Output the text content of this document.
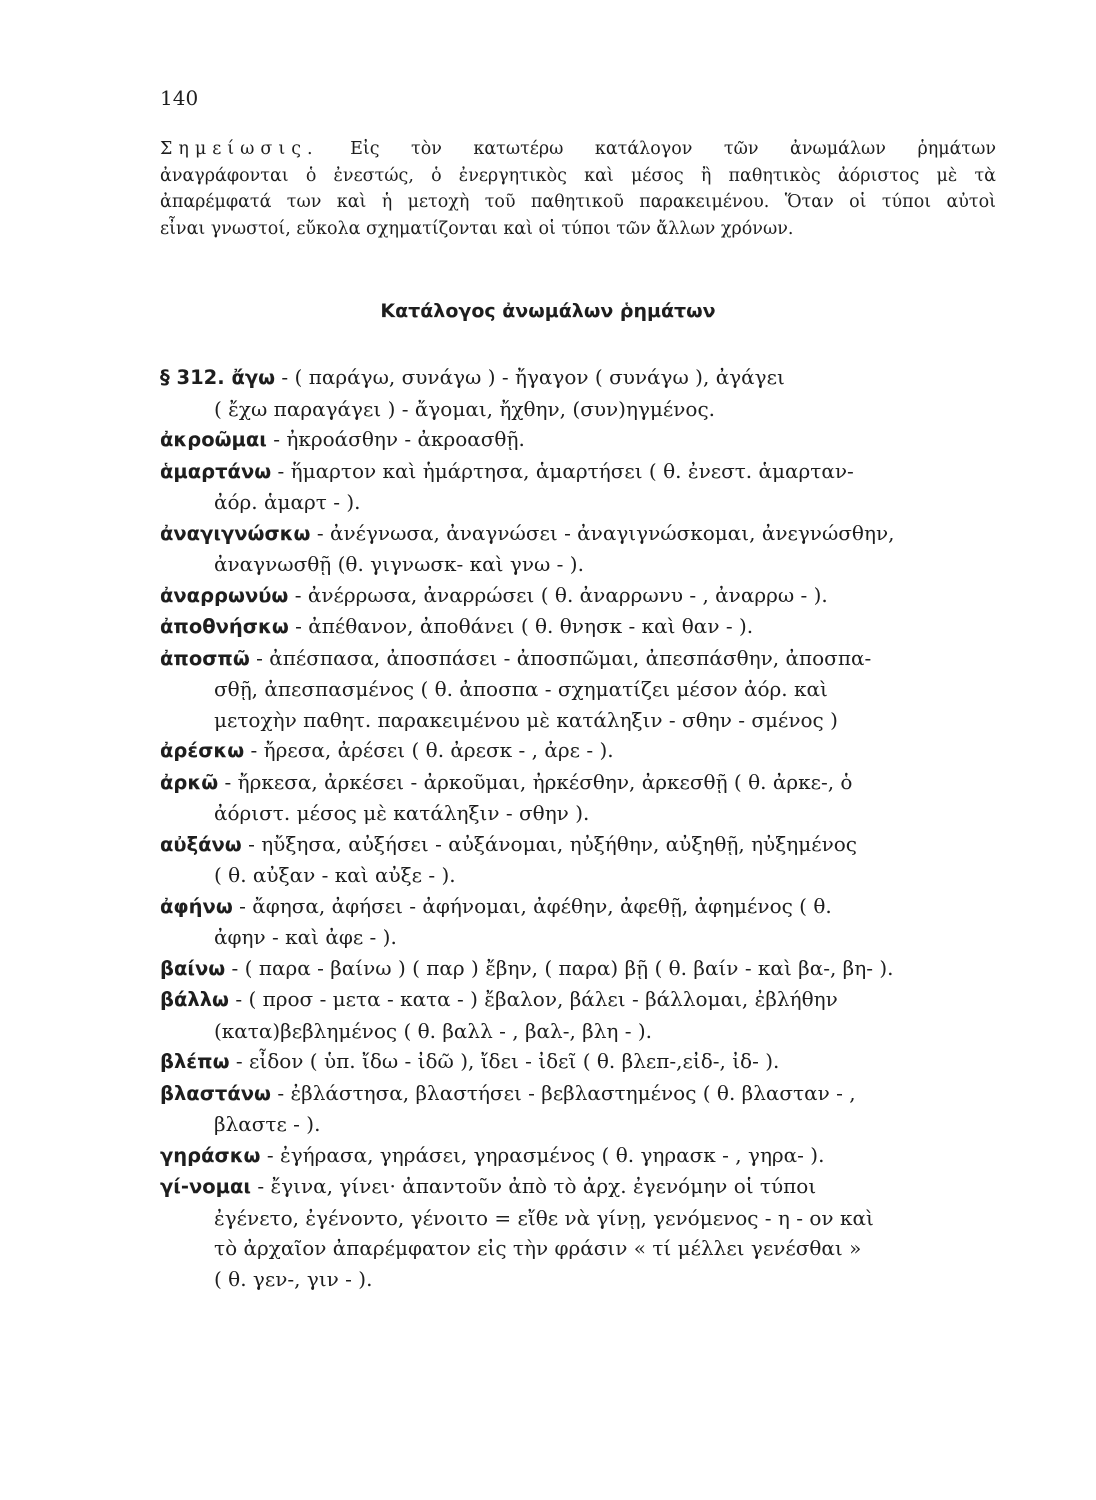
140
Σημείωσις. Εἰς τὸν κατωτέρω κατάλογον τῶν ἀνωμάλων ῥημάτων
ἀναγράφονται ὁ ἐνεστώς, ὁ ἐνεργητικὸς καὶ μέσος ἢ παθητικὸς ἀόριστος μὲ τὰ
ἀπαρέμφατά των καὶ ἡ μετοχὴ τοῦ παθητικοῦ παρακειμένου. Ὅταν οἱ τύποι αὐτοὶ
εἶναι γνωστοί, εὔκολα σχηματίζονται καὶ οἱ τύποι τῶν ἄλλων χρόνων.
Κατάλογος ἀνωμάλων ῥημάτων
§ 312. ἄγω - ( παράγω, συνάγω ) - ἤγαγον ( συνάγω ), ἀγάγει
( ἔχω παραγάγει ) - ἄγομαι, ἤχθην, (συν)ηγμένος.
ἀκροῶμαι - ἠκροάσθην - ἀκροασθῇ.
ἁμαρτάνω - ἥμαρτον καὶ ἡμάρτησα, ἁμαρτήσει ( θ. ἐνεστ. ἁμαρταν-
ἀόρ. ἁμαρτ - ).
ἀναγιγνώσκω - ἀνέγνωσα, ἀναγνώσει - ἀναγιγνώσκομαι, ἀνεγνώσθην,
ἀναγνωσθῇ (θ. γιγνωσκ- καὶ γνω - ).
ἀναρρωνύω - ἀνέρρωσα, ἀναρρώσει ( θ. ἀναρρωνυ - , ἀναρρω - ).
ἀποθνήσκω - ἀπέθανον, ἀποθάνει ( θ. θνησκ - καὶ θαν - ).
ἀποσπῶ - ἀπέσπασα, ἀποσπάσει - ἀποσπῶμαι, ἀπεσπάσθην, ἀποσπα-
σθῇ, ἀπεσπασμένος ( θ. ἀποσπα - σχηματίζει μέσον ἀόρ. καὶ
μετοχὴν παθητ. παρακειμένου μὲ κατάληξιν - σθην - σμένος )
ἀρέσκω - ἤρεσα, ἀρέσει ( θ. ἀρεσκ - , ἀρε - ).
ἀρκῶ - ἤρκεσα, ἀρκέσει - ἀρκοῦμαι, ἠρκέσθην, ἀρκεσθῇ ( θ. ἀρκε-, ὁ
ἀόριστ. μέσος μὲ κατάληξιν - σθην ).
αὐξάνω - ηὔξησα, αὐξήσει - αὐξάνομαι, ηὐξήθην, αὐξηθῇ, ηὐξημένος
( θ. αὐξαν - καὶ αὐξε - ).
ἀφήνω - ἄφησα, ἀφήσει - ἀφήνομαι, ἀφέθην, ἀφεθῇ, ἀφημένος ( θ.
ἀφην - καὶ ἀφε - ).
βαίνω - ( παρα - βαίνω ) ( παρ ) ἔβην, ( παρα) βῇ ( θ. βαίν - καὶ βα-, βη- ).
βάλλω - ( προσ - μετα - κατα - ) ἔβαλον, βάλει - βάλλομαι, ἐβλήθην
(κατα)βεβλημένος ( θ. βαλλ - , βαλ-, βλη - ).
βλέπω - εἶδον ( ὑπ. ἴδω - ἰδῶ ), ἴδει - ἰδεῖ ( θ. βλεπ-,εἰδ-, ἰδ- ).
βλαστάνω - ἐβλάστησα, βλαστήσει - βεβλαστημένος ( θ. βλασταν - ,
βλαστε - ).
γηράσκω - ἐγήρασα, γηράσει, γηρασμένος ( θ. γηρασκ - , γηρα- ).
γί-νομαι - ἔγινα, γίνει· ἀπαντοῦν ἀπὸ τὸ ἀρχ. ἐγενόμην οἱ τύποι
ἐγένετο, ἐγένοντο, γένοιτο = εἴθε νὰ γίνῃ, γενόμενος - η - ον καὶ
τὸ ἀρχαῖον ἀπαρέμφατον εἰς τὴν φράσιν « τί μέλλει γενέσθαι »
( θ. γεν-, γιν - ).
